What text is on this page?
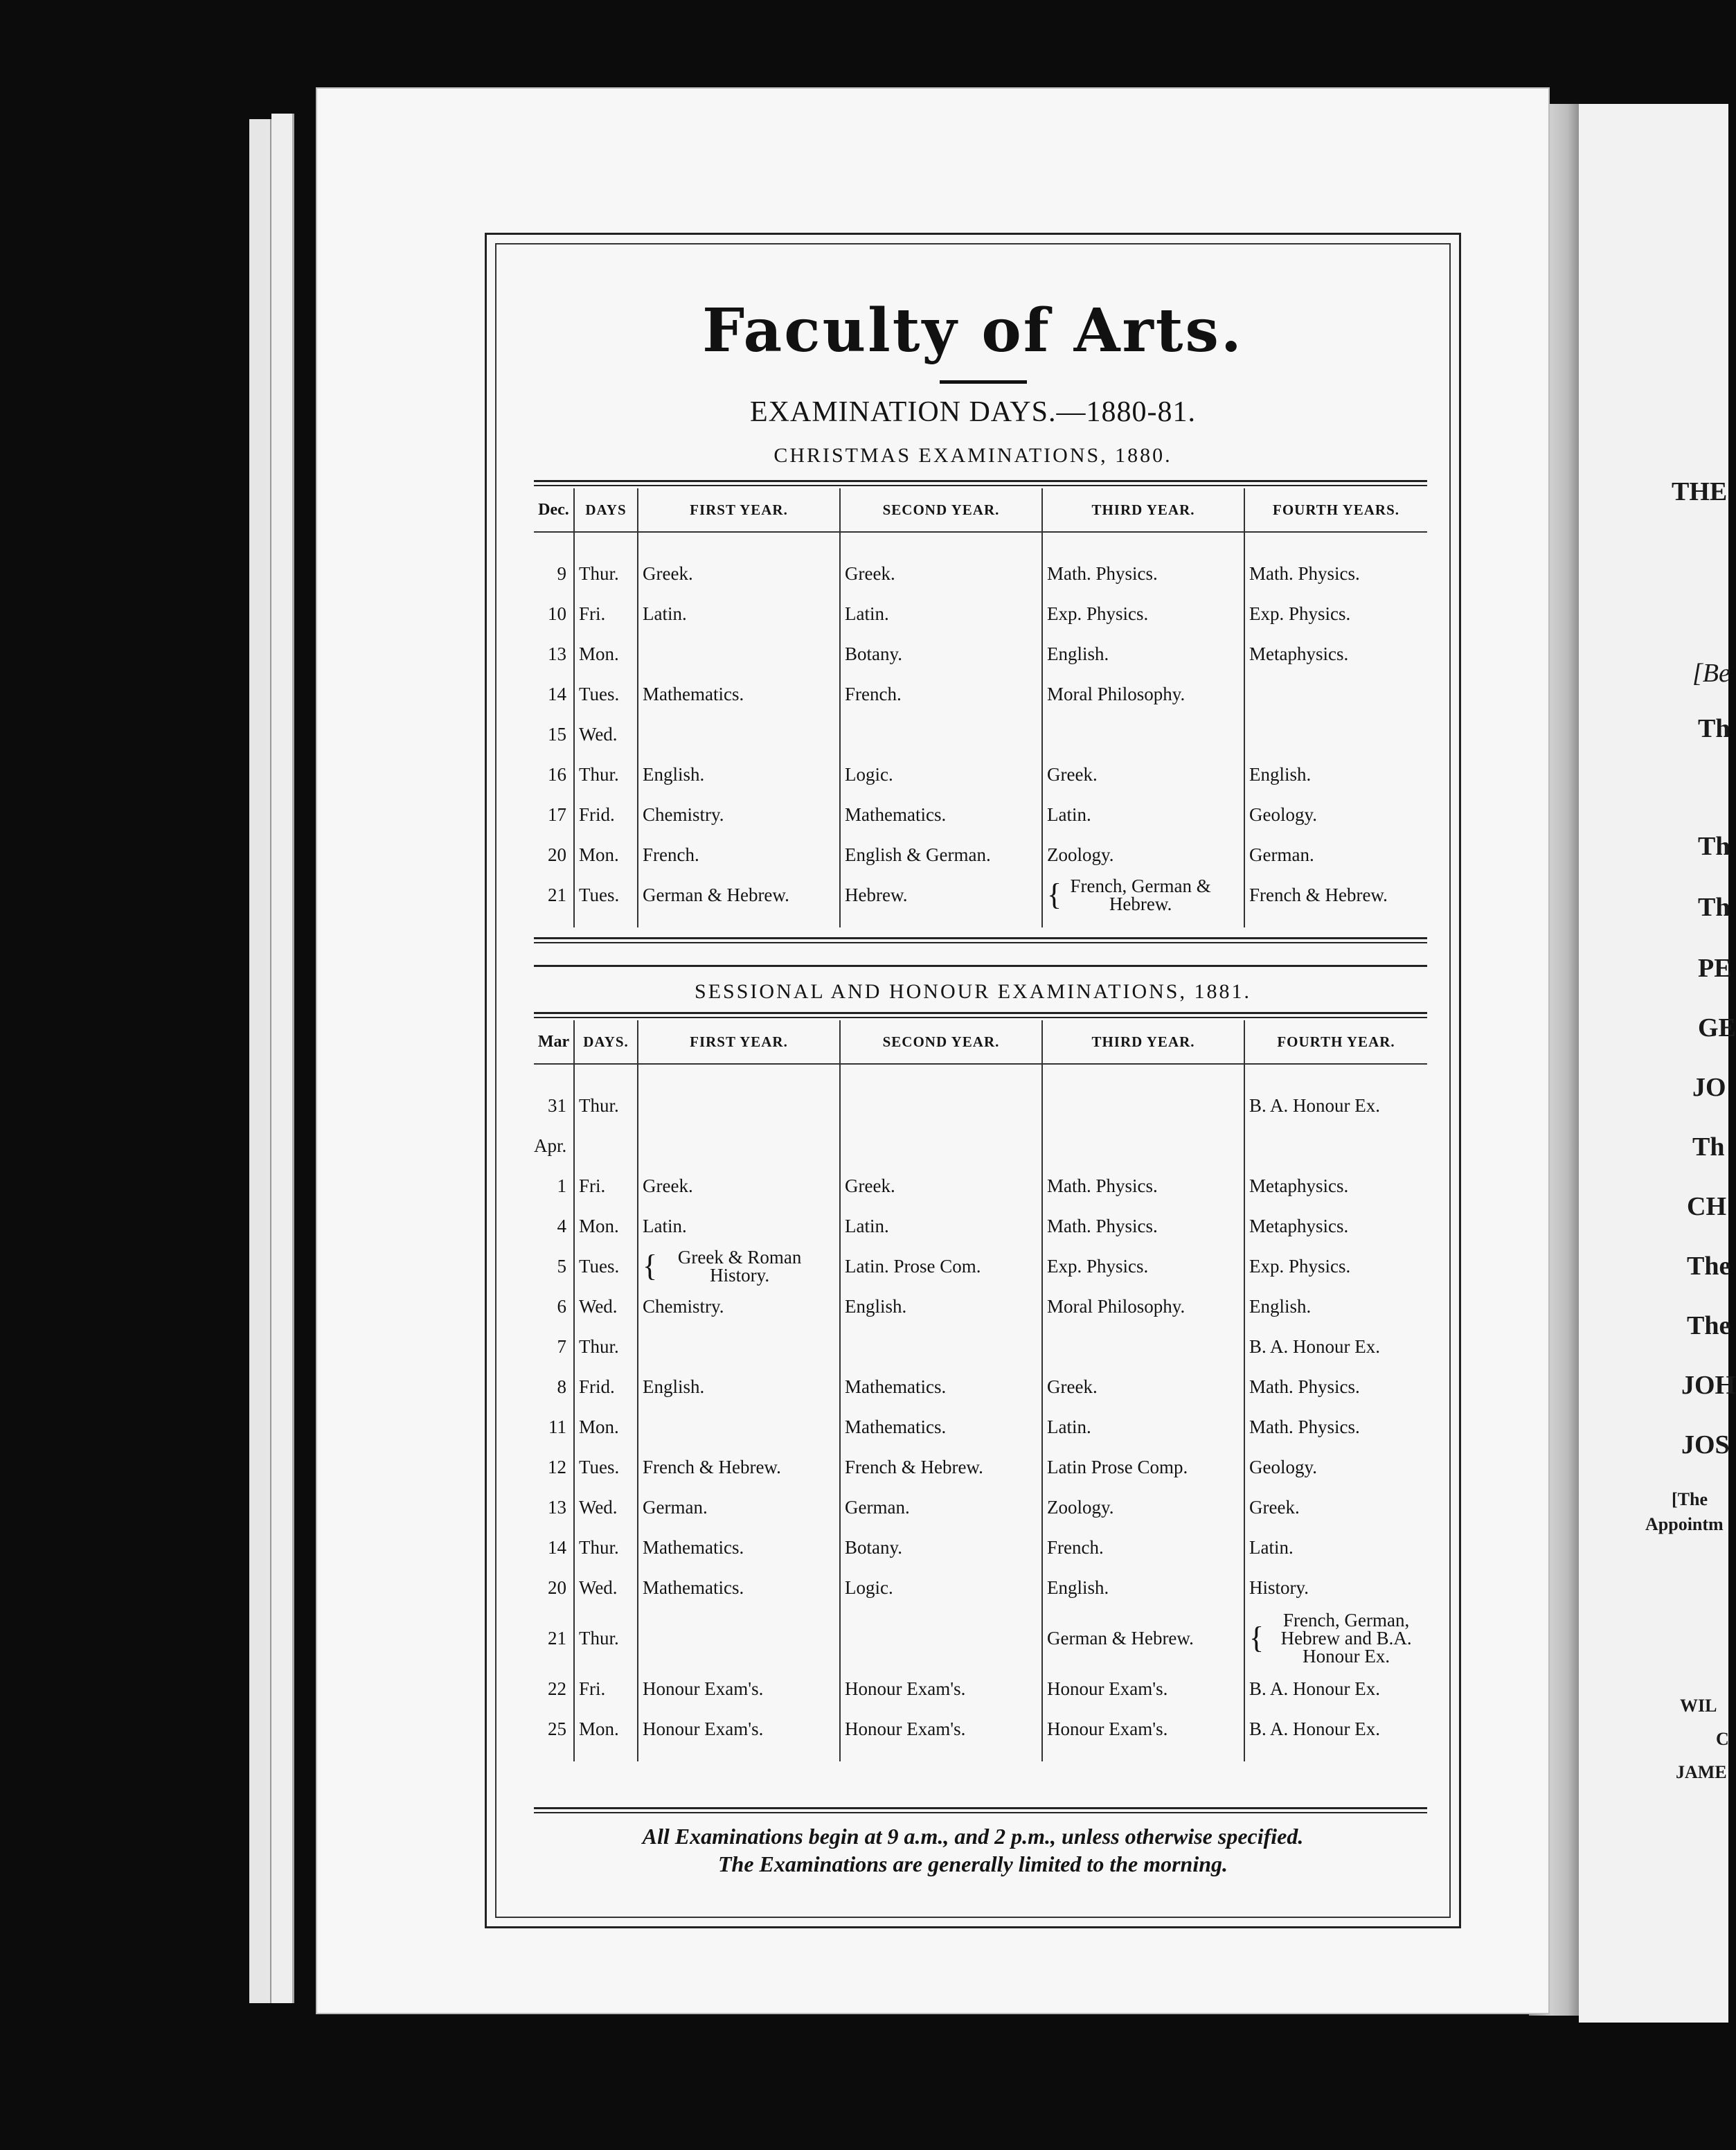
THE
[Be
Th
Th
Th
PE
GE
JO
Th
CH
The
The
JOH
JOS
[The
Appointm
WIL
C
JAME
Faculty of Arts.
EXAMINATION DAYS.—1880-81.
CHRISTMAS EXAMINATIONS, 1880.
Dec.	DAYS	FIRST YEAR.	SECOND YEAR.	THIRD YEAR.	FOURTH YEARS.

9	Thur.	Greek.	Greek.	Math. Physics.	Math. Physics.
10	Fri.	Latin.	Latin.	Exp. Physics.	Exp. Physics.
13	Mon.		Botany.	English.	Metaphysics.
14	Tues.	Mathematics.	French.	Moral Philosophy.	
15	Wed.				
16	Thur.	English.	Logic.	Greek.	English.
17	Frid.	Chemistry.	Mathematics.	Latin.	Geology.
20	Mon.	French.	English & German.	Zoology.	German.
21	Tues.	German & Hebrew.	Hebrew.	{ French, German & Hebrew.	French & Hebrew.

SESSIONAL AND HONOUR EXAMINATIONS, 1881.
Mar	DAYS.	FIRST YEAR.	SECOND YEAR.	THIRD YEAR.	FOURTH YEAR.

31	Thur.				B. A. Honour Ex.
Apr.					
1	Fri.	Greek.	Greek.	Math. Physics.	Metaphysics.
4	Mon.	Latin.	Latin.	Math. Physics.	Metaphysics.
5	Tues.	{ Greek & Roman History.	Latin. Prose Com.	Exp. Physics.	Exp. Physics.
6	Wed.	Chemistry.	English.	Moral Philosophy.	English.
7	Thur.				B. A. Honour Ex.
8	Frid.	English.	Mathematics.	Greek.	Math. Physics.
11	Mon.		Mathematics.	Latin.	Math. Physics.
12	Tues.	French & Hebrew.	French & Hebrew.	Latin Prose Comp.	Geology.
13	Wed.	German.	German.	Zoology.	Greek.
14	Thur.	Mathematics.	Botany.	French.	Latin.
20	Wed.	Mathematics.	Logic.	English.	History.
21	Thur.			German & Hebrew.	{French, German, Hebrew and B.A. Honour Ex.
22	Fri.	Honour Exam's.	Honour Exam's.	Honour Exam's.	B. A. Honour Ex.
25	Mon.	Honour Exam's.	Honour Exam's.	Honour Exam's.	B. A. Honour Ex.

All Examinations begin at 9 a.m., and 2 p.m., unless otherwise specified.
The Examinations are generally limited to the morning.
